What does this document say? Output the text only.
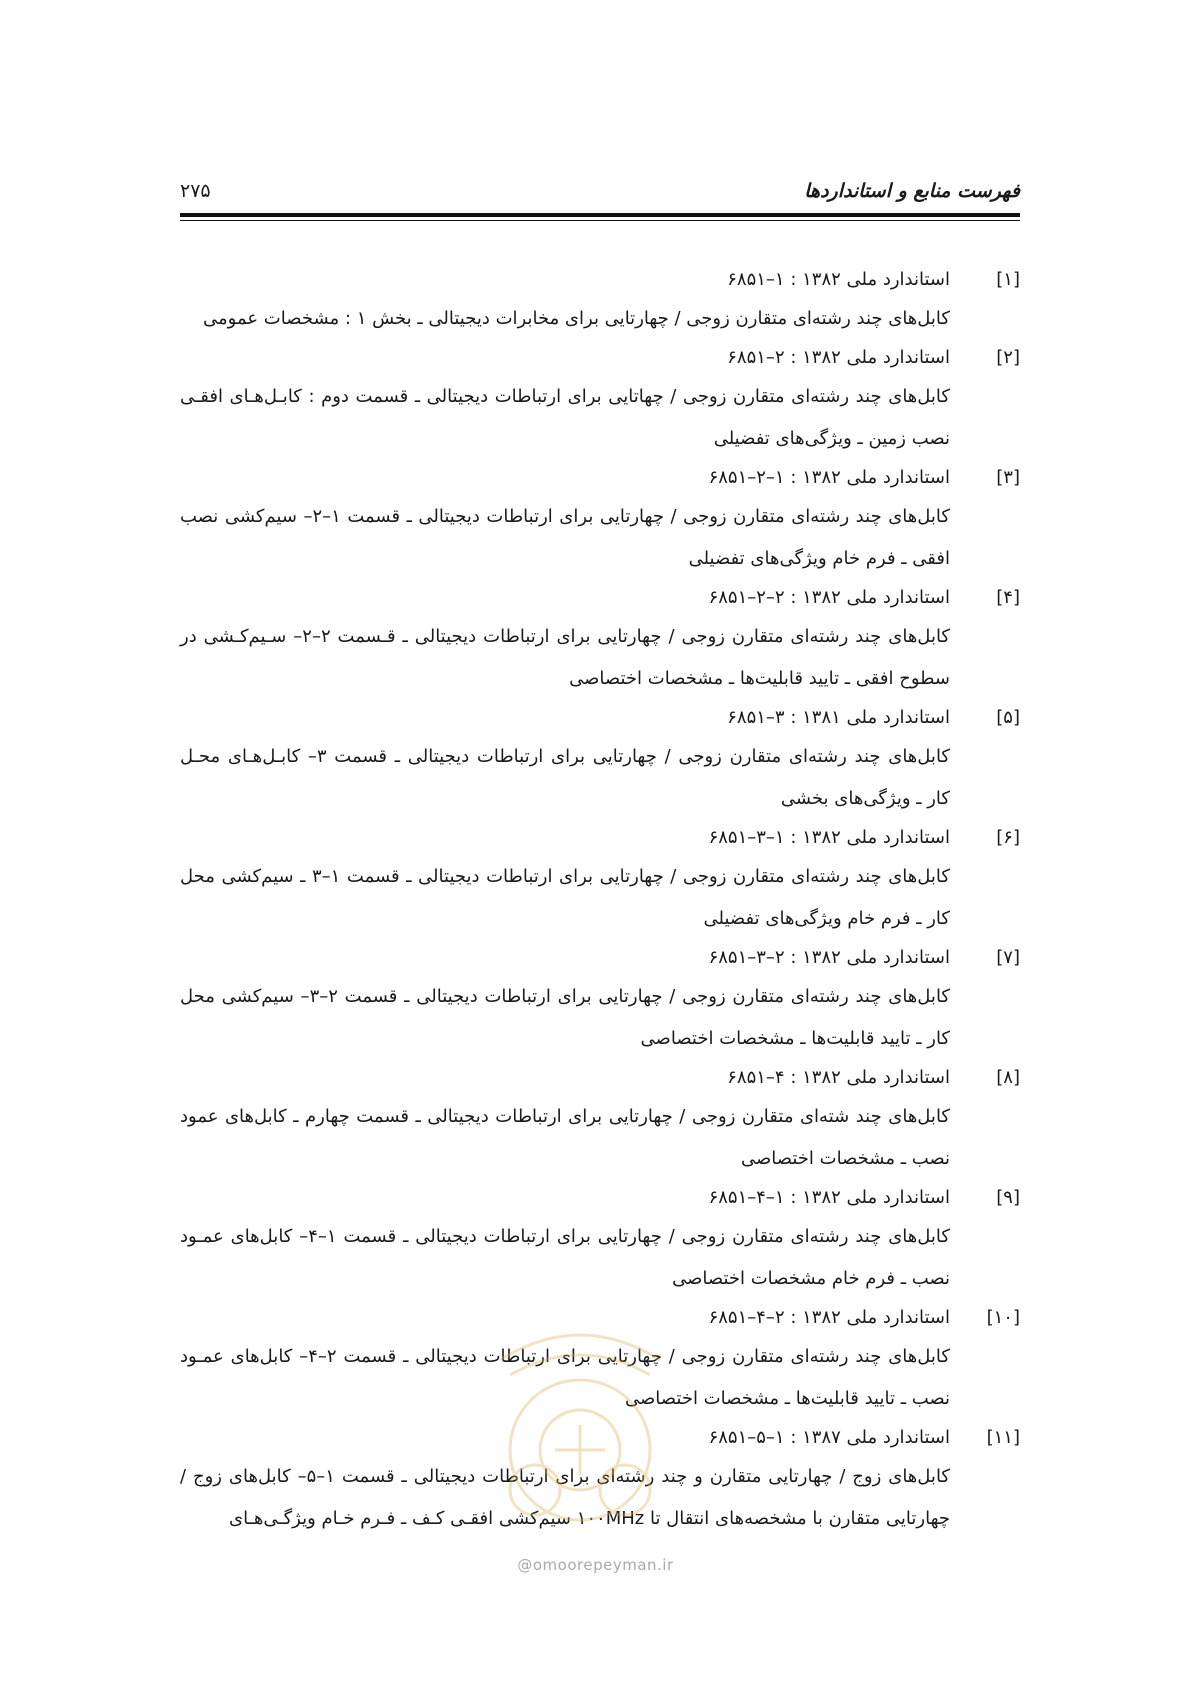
فهرست منابع و استانداردها
۲۷۵
[۱]
استاندارد ملی ۱۳۸۲ : ۱–۶۸۵۱

کابل‌های چند رشته‌ای متقارن زوجی / چهارتایی برای مخابرات دیجیتالی ـ بخش ۱ : مشخصات عمومی

[۲]
استاندارد ملی ۱۳۸۲ : ۲–۶۸۵۱

کابل‌های چند رشته‌ای متقارن زوجی / چهاتایی برای ارتباطات دیجیتالی ـ قسمت دوم : کابـل‌هـای افقـی نصب زمین ـ ویژگی‌های تفضیلی

[۳]
استاندارد ملی ۱۳۸۲ : ۱–۲–۶۸۵۱

کابل‌های چند رشته‌ای متقارن زوجی / چهارتایی برای ارتباطات دیجیتالی ـ قسمت ۱–۲– سیم‌کشی نصب افقی ـ فرم خام ویژگی‌های تفضیلی

[۴]
استاندارد ملی ۱۳۸۲ : ۲–۲–۶۸۵۱

کابل‌های چند رشته‌ای متقارن زوجی / چهارتایی برای ارتباطات دیجیتالی ـ قـسمت ۲–۲– سـیم‌کـشی در سطوح افقی ـ تایید قابلیت‌ها ـ مشخصات اختصاصی

[۵]
استاندارد ملی ۱۳۸۱ : ۳–۶۸۵۱

کابل‌های چند رشته‌ای متقارن زوجی / چهارتایی برای ارتباطات دیجیتالی ـ قسمت ۳– کابـل‌هـای محـل کار ـ ویژگی‌های بخشی

[۶]
استاندارد ملی ۱۳۸۲ : ۱–۳–۶۸۵۱

کابل‌های چند رشته‌ای متقارن زوجی / چهارتایی برای ارتباطات دیجیتالی ـ قسمت ۱–۳ ـ سیم‌کشی محل کار ـ فرم خام ویژگی‌های تفضیلی

[۷]
استاندارد ملی ۱۳۸۲ : ۲–۳–۶۸۵۱

کابل‌های چند رشته‌ای متقارن زوجی / چهارتایی برای ارتباطات دیجیتالی ـ قسمت ۲–۳– سیم‌کشی محل کار ـ تایید قابلیت‌ها ـ مشخصات اختصاصی

[۸]
استاندارد ملی ۱۳۸۲ : ۴–۶۸۵۱

کابل‌های چند شته‌ای متقارن زوجی / چهارتایی برای ارتباطات دیجیتالی ـ قسمت چهارم ـ کابل‌های عمود نصب ـ مشخصات اختصاصی

[۹]
استاندارد ملی ۱۳۸۲ : ۱–۴–۶۸۵۱

کابل‌های چند رشته‌ای متقارن زوجی / چهارتایی برای ارتباطات دیجیتالی ـ قسمت ۱–۴– کابل‌های عمـود نصب ـ فرم خام مشخصات اختصاصی

[۱۰]
استاندارد ملی ۱۳۸۲ : ۲–۴–۶۸۵۱

کابل‌های چند رشته‌ای متقارن زوجی / چهارتایی برای ارتباطات دیجیتالی ـ قسمت ۲–۴– کابل‌های عمـود نصب ـ تایید قابلیت‌ها ـ مشخصات اختصاصی

[۱۱]
استاندارد ملی ۱۳۸۷ : ۱–۵–۶۸۵۱

کابل‌های زوج / چهارتایی متقارن و چند رشته‌ای برای ارتباطات دیجیتالی ـ قسمت ۱–۵– کابل‌های زوج / چهارتایی متقارن با مشخصه‌های انتقال تا ۱۰۰MHz سیم‌کشی افقـی کـف ـ فـرم خـام ویژگـی‌هـای

@omoorepeyman.ir
